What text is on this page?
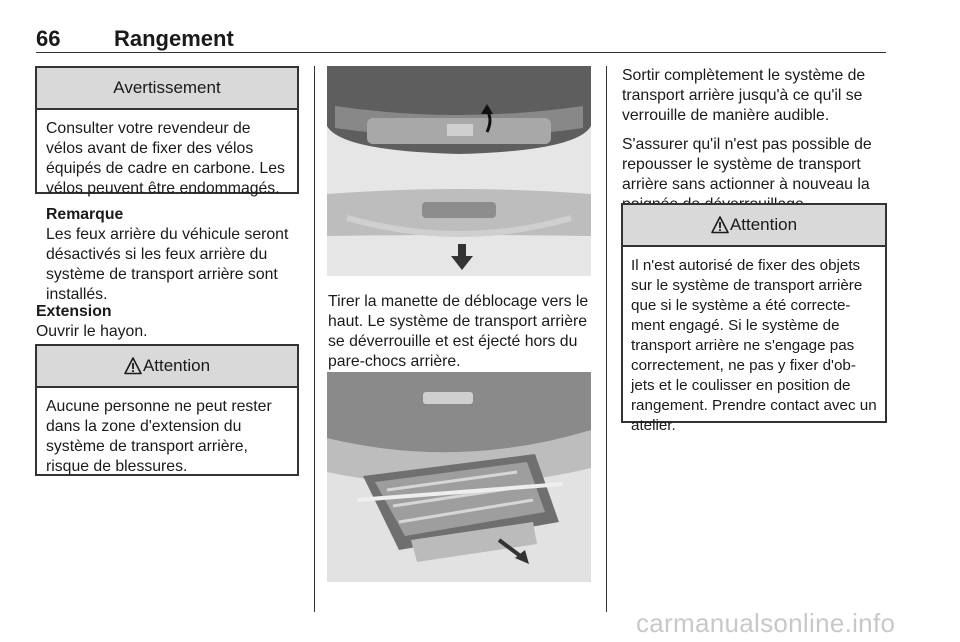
66 Rangement
Avertissement
Consulter votre revendeur de vélos avant de fixer des vélos équipés de cadre en carbone. Les vélos peuvent être endommagés.

Remarque

Les feux arrière du véhicule seront désactivés si les feux arrière du système de transport arrière sont installés.

Extension

Ouvrir le hayon.

Attention
Aucune personne ne peut rester dans la zone d'extension du système de transport arrière, risque de blessures.
Tirer la manette de déblocage vers le haut. Le système de transport arrière se déverrouille et est éjecté hors du pare-chocs arrière.

Sortir complètement le système de transport arrière jusqu'à ce qu'il se verrouille de manière audible.

S'assurer qu'il n'est pas possible de repousser le système de transport arrière sans actionner à nouveau la

Attention
Il n'est autorisé de fixer des objets sur le système de transport arrière que si le système a été correcte- ment engagé. Si le système de transport arrière ne s'engage pas correctement, ne pas y fixer d'ob- jets et le coulisser en position de rangement. Prendre contact avec un atelier.
carmanualsonline.info
